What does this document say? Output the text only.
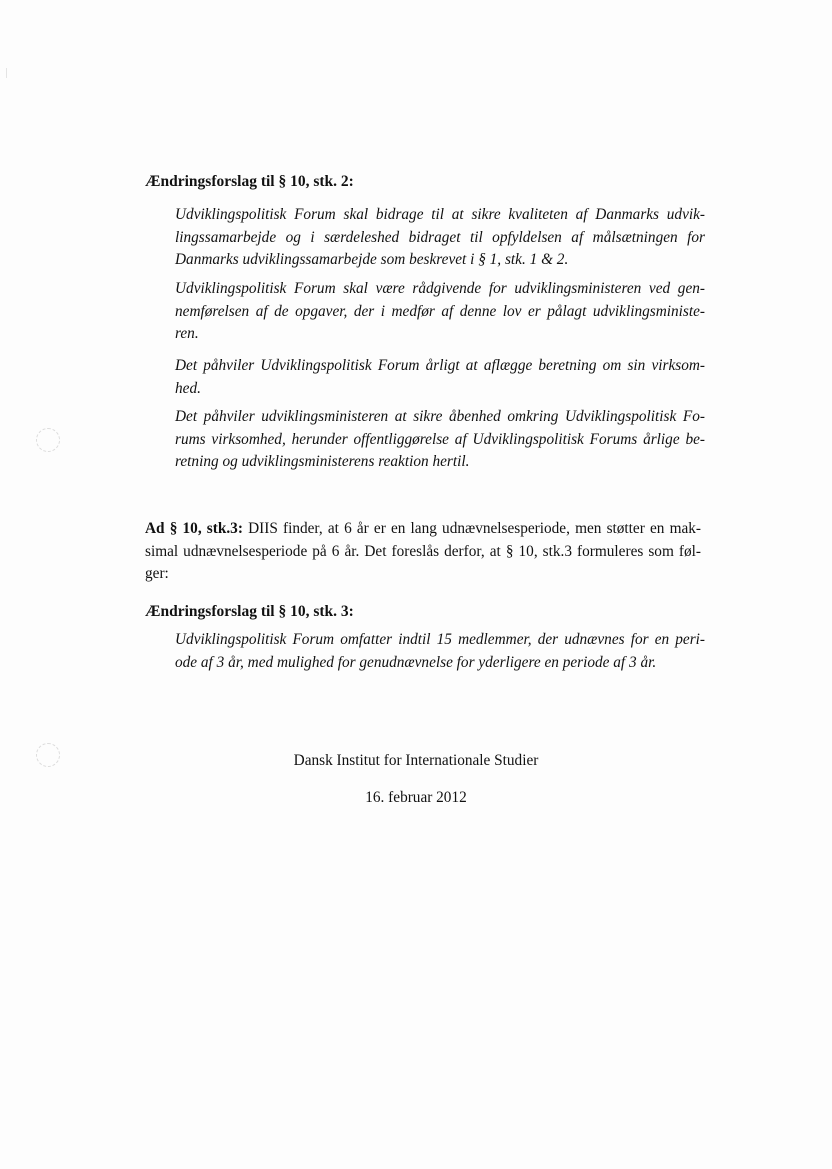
Ændringsforslag til § 10, stk. 2:
Udviklingspolitisk Forum skal bidrage til at sikre kvaliteten af Danmarks udvik-
lingssamarbejde og i særdeleshed bidraget til opfyldelsen af målsætningen for
Danmarks udviklingssamarbejde som beskrevet i § 1, stk. 1 & 2.
Udviklingspolitisk Forum skal være rådgivende for udviklingsministeren ved gen-
nemførelsen af de opgaver, der i medfør af denne lov er pålagt udviklingsministe-
ren.
Det påhviler Udviklingspolitisk Forum årligt at aflægge beretning om sin virksom-
hed.
Det påhviler udviklingsministeren at sikre åbenhed omkring Udviklingspolitisk Fo-
rums virksomhed, herunder offentliggørelse af Udviklingspolitisk Forums årlige be-
retning og udviklingsministerens reaktion hertil.
Ad § 10, stk.3: DIIS finder, at 6 år er en lang udnævnelsesperiode, men støtter en mak-
simal udnævnelsesperiode på 6 år. Det foreslås derfor, at § 10, stk.3 formuleres som føl-
ger:
Ændringsforslag til § 10, stk. 3:
Udviklingspolitisk Forum omfatter indtil 15 medlemmer, der udnævnes for en peri-
ode af 3 år, med mulighed for genudnævnelse for yderligere en periode af 3 år.
Dansk Institut for Internationale Studier
16. februar 2012
